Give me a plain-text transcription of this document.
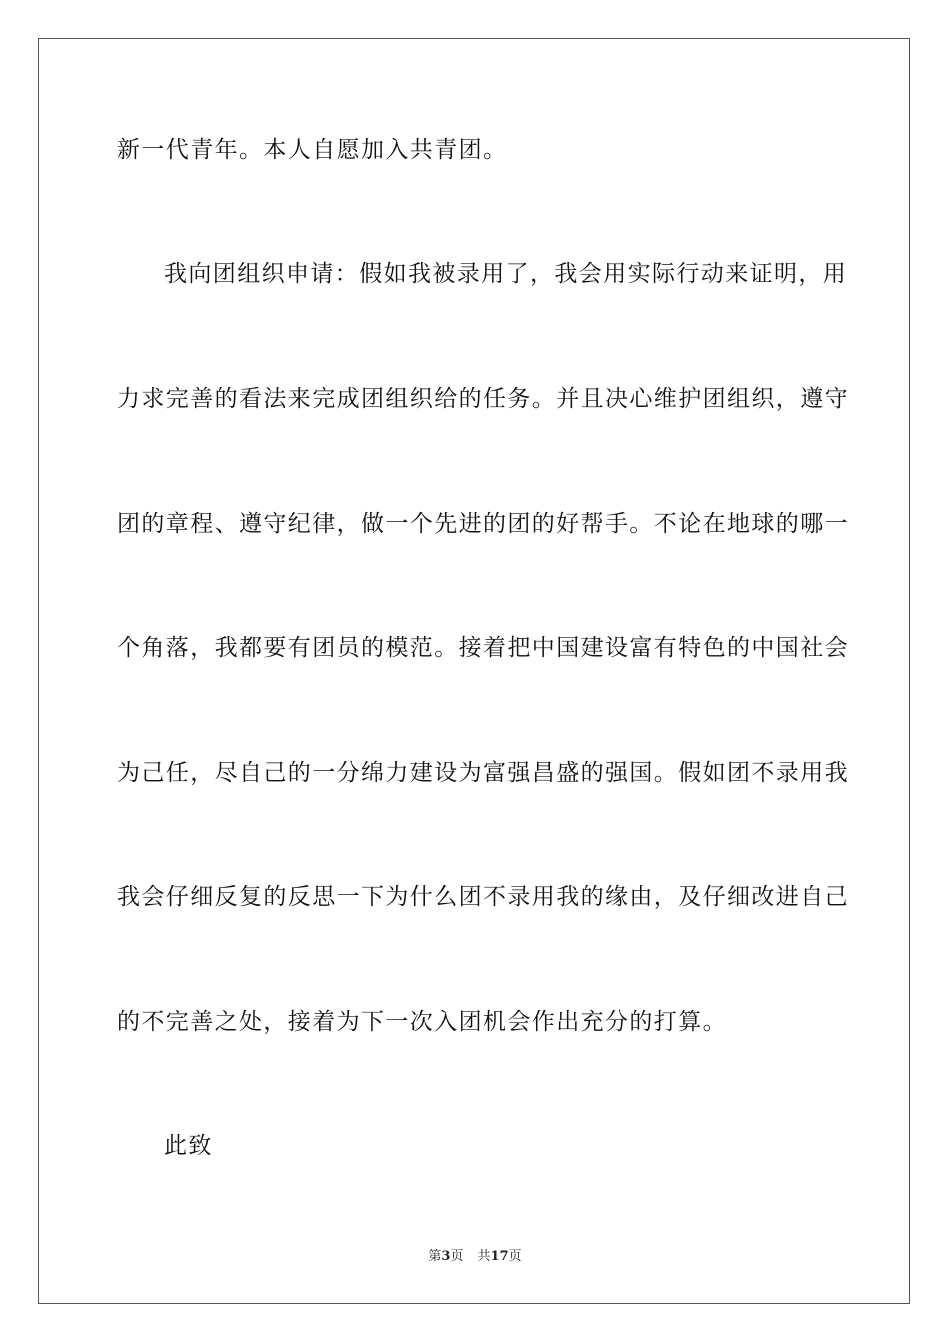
新一代青年。本人自愿加入共青团。
我向团组织申请：假如我被录用了，我会用实际行动来证明，用
力求完善的看法来完成团组织给的任务。并且决心维护团组织，遵守
团的章程、遵守纪律，做一个先进的团的好帮手。不论在地球的哪一
个角落，我都要有团员的模范。接着把中国建设富有特色的中国社会
为己任，尽自己的一分绵力建设为富强昌盛的强国。假如团不录用我
我会仔细反复的反思一下为什么团不录用我的缘由，及仔细改进自己
的不完善之处，接着为下一次入团机会作出充分的打算。
此致
第3页 共17页
